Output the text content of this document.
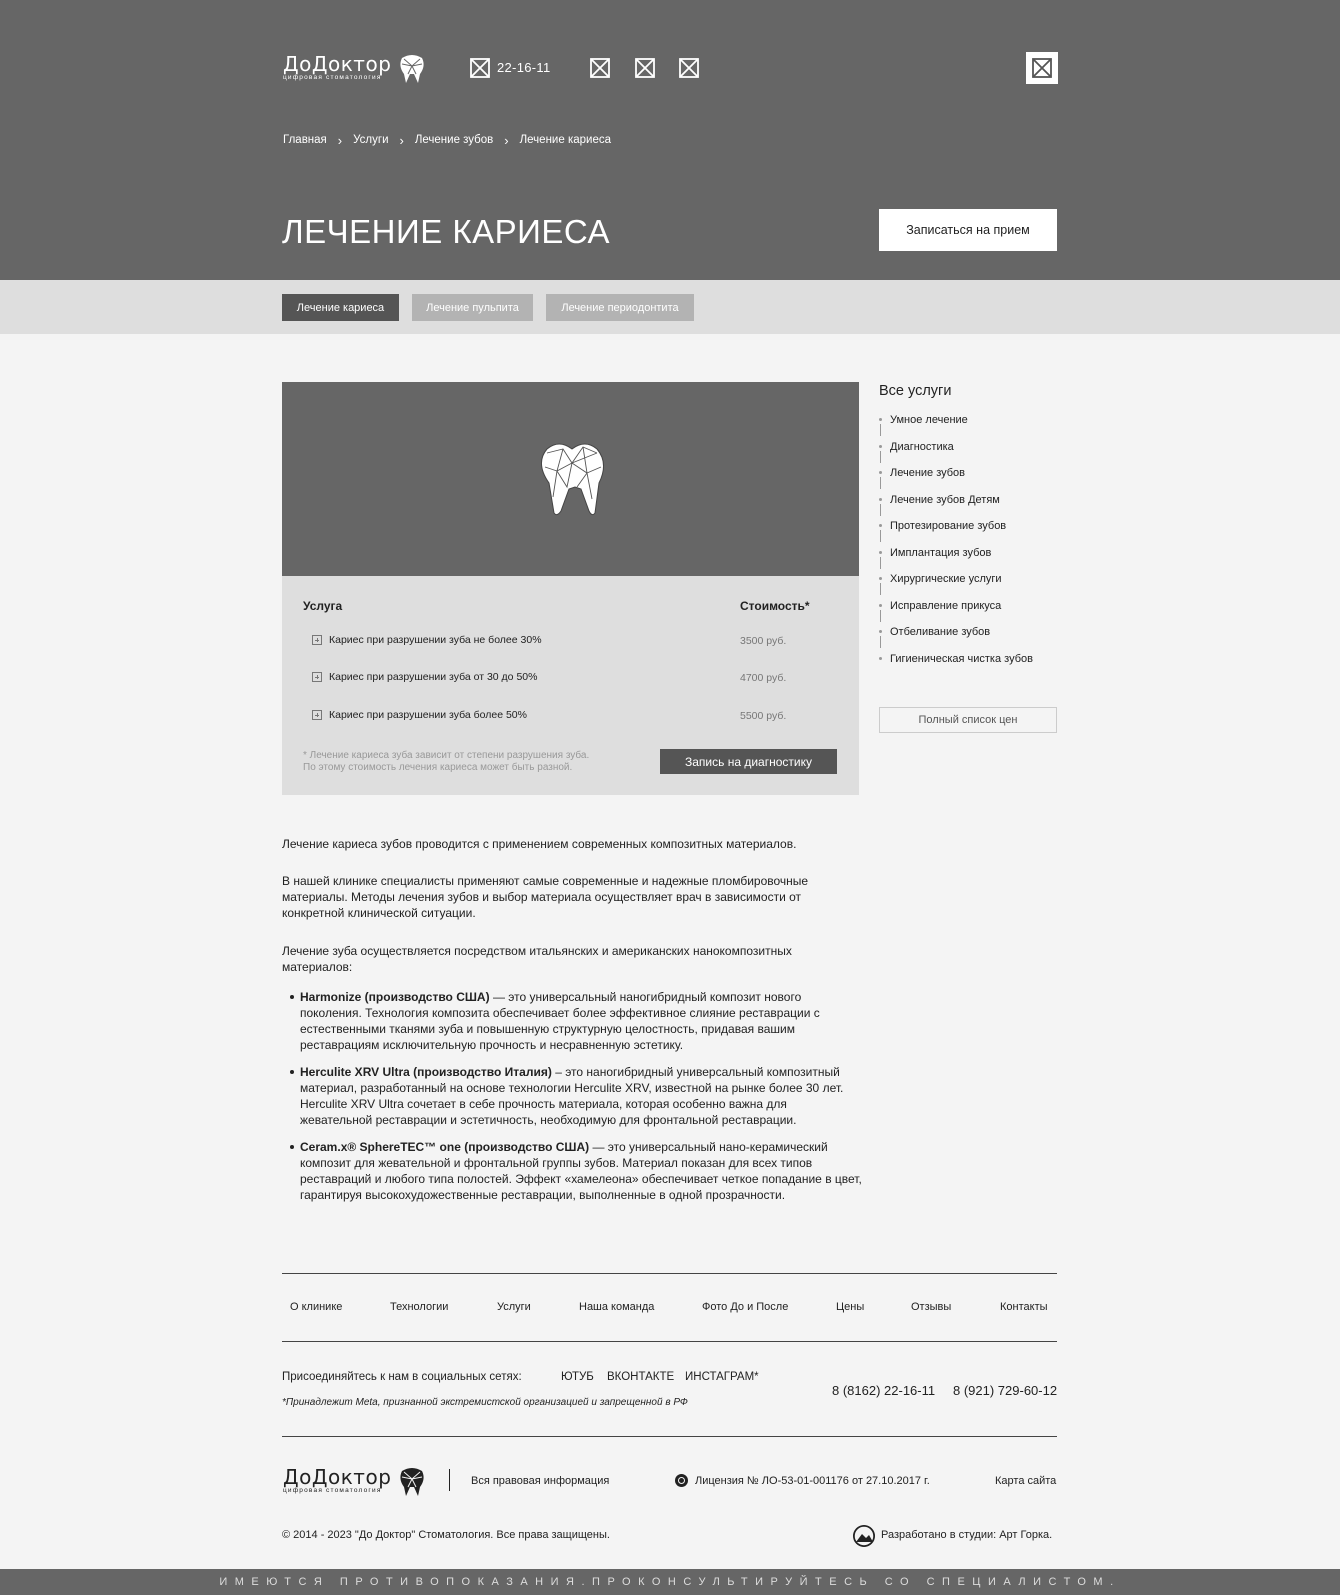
ДоДоктор
цифровая стоматология
22-16-11
Главная › Услуги › Лечение зубов › Лечение кариеса
ЛЕЧЕНИЕ КАРИЕСА	Записаться на прием
Лечение кариеса	Лечение пульпита	Лечение периодонтита
Услуга	Стоимость*
Кариес при разрушении зуба не более 30%	3500 руб.
Кариес при разрушении зуба от 30 до 50%	4700 руб.
Кариес при разрушении зуба более 50%	5500 руб.
* Лечение кариеса зуба зависит от степени разрушения зуба.
По этому стоимость лечения кариеса может быть разной.	Запись на диагностику
Все услуги
Умное лечение
Диагностика
Лечение зубов
Лечение зубов Детям
Протезирование зубов
Имплантация зубов
Хирургические услуги
Исправление прикуса
Отбеливание зубов
Гигиеническая чистка зубов
Полный список цен

Лечение кариеса зубов проводится с применением современных композитных материалов.

В нашей клинике специалисты применяют самые современные и надежные пломбировочные материалы. Методы лечения зубов и выбор материала осуществляет врач в зависимости от конкретной клинической ситуации.

Лечение зуба осуществляется посредством итальянских и американских нанокомпозитных материалов:

Harmonize (производство США) — это универсальный наногибридный композит нового поколения. Технология композита обеспечивает более эффективное слияние реставрации с естественными тканями зуба и повышенную структурную целостность, придавая вашим реставрациям исключительную прочность и несравненную эстетику.
Herculite XRV Ultra (производство Италия) – это наногибридный универсальный композитный материал, разработанный на основе технологии Herculite XRV, известной на рынке более 30 лет. Herculite XRV Ultra сочетает в себе прочность материала, которая особенно важна для жевательной реставрации и эстетичность, необходимую для фронтальной реставрации.
Ceram.x® SphereTEC™ one (производство США) — это универсальный нано-керамический композит для жевательной и фронтальной группы зубов. Материал показан для всех типов реставраций и любого типа полостей. Эффект «хамелеона» обеспечивает четкое попадание в цвет, гарантируя высокохудожественные реставрации, выполненные в одной прозрачности.
О клинике	Технологии	Услуги	Наша команда	Фото До и После	Цены	Отзывы	Контакты
Присоединяйтесь к нам в социальных сетях:	ЮТУБ ВКОНТАКТЕ ИНСТАГРАМ*
*Принадлежит Meta, признанной экстремистской организацией и запрещенной в РФ
8 (8162) 22-16-11 8 (921) 729-60-12
ДоДоктор
цифровая стоматология
Вся правовая информация	Лицензия № ЛО-53-01-001176 от 27.10.2017 г.	Карта сайта
© 2014 - 2023 "До Доктор" Стоматология. Все права защищены.	Разработано в студии: Арт Горка.
ИМЕЮТСЯ ПРОТИВОПОКАЗАНИЯ.ПРОКОНСУЛЬТИРУЙТЕСЬ СО СПЕЦИАЛИСТОМ.
